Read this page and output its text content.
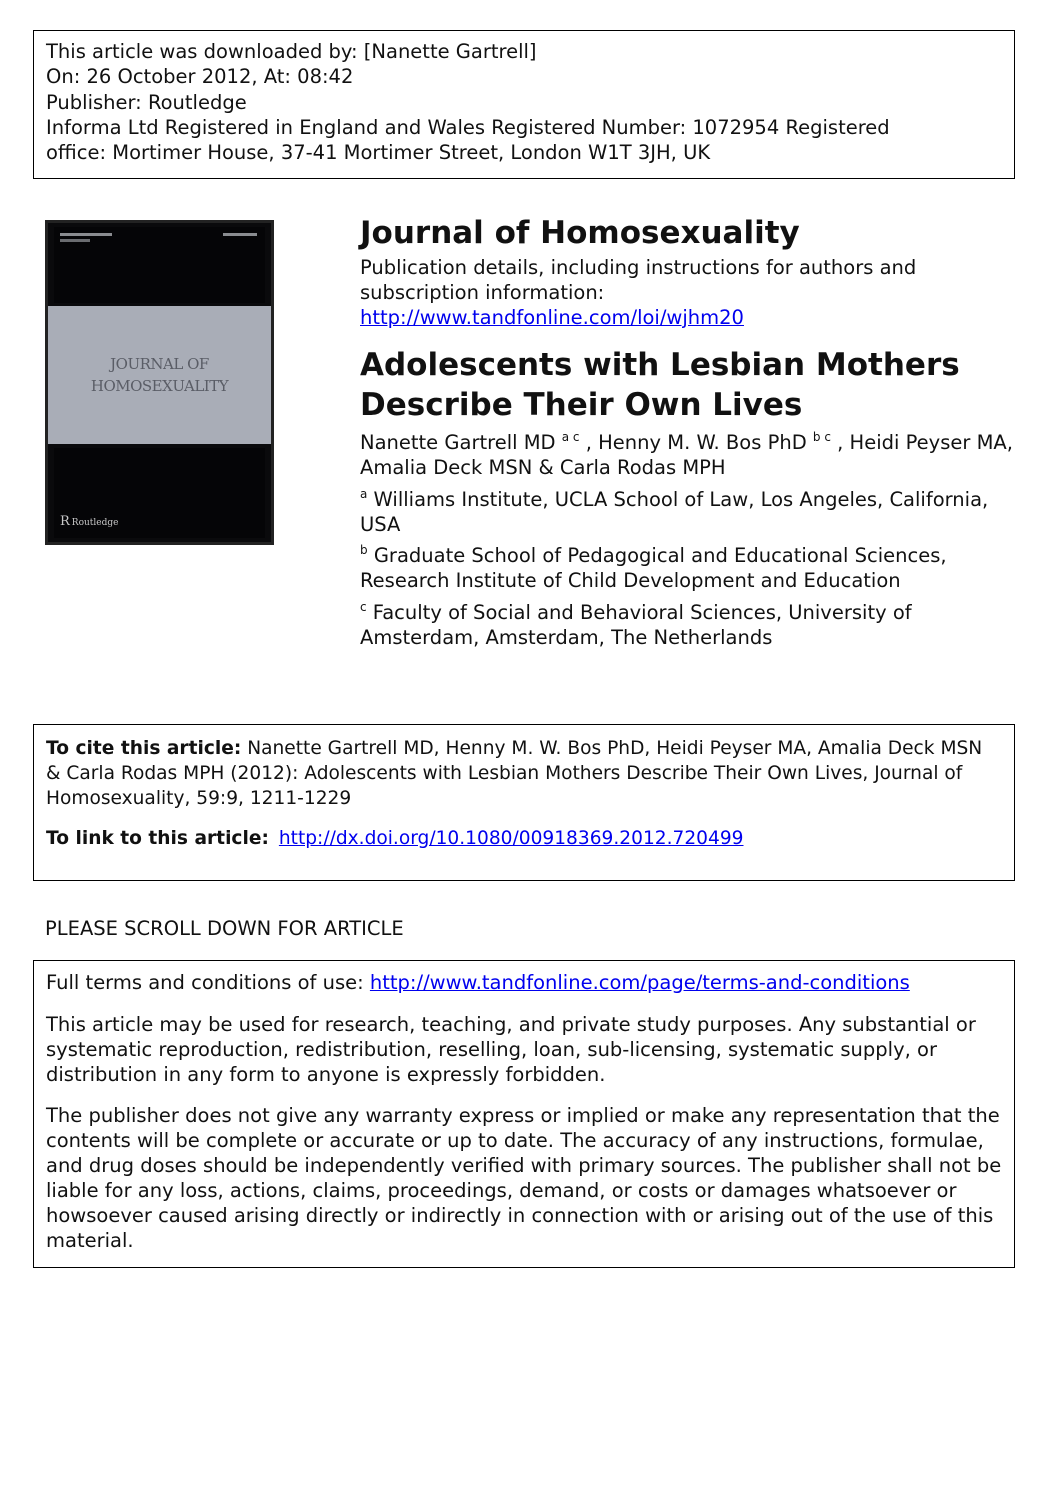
This article was downloaded by: [Nanette Gartrell]
On: 26 October 2012, At: 08:42
Publisher: Routledge
Informa Ltd Registered in England and Wales Registered Number: 1072954 Registered
office: Mortimer House, 37-41 Mortimer Street, London W1T 3JH, UK
JOURNAL OF
HOMOSEXUALITY
R Routledge
Journal of Homosexuality
Publication details, including instructions for authors and subscription information:
http://www.tandfonline.com/loi/wjhm20
Adolescents with Lesbian Mothers Describe Their Own Lives
Nanette Gartrell MD $^{a c}$ , Henny M. W. Bos PhD $^{b c}$ , Heidi Peyser MA, Amalia Deck MSN & Carla Rodas MPH
$^a$ Williams Institute, UCLA School of Law, Los Angeles, California, USA
$^b$ Graduate School of Pedagogical and Educational Sciences, Research Institute of Child Development and Education
$^c$ Faculty of Social and Behavioral Sciences, University of Amsterdam, Amsterdam, The Netherlands
To cite this article: Nanette Gartrell MD, Henny M. W. Bos PhD, Heidi Peyser MA, Amalia Deck MSN & Carla Rodas MPH (2012): Adolescents with Lesbian Mothers Describe Their Own Lives, Journal of Homosexuality, 59:9, 1211-1229
To link to this article: http://dx.doi.org/10.1080/00918369.2012.720499
PLEASE SCROLL DOWN FOR ARTICLE

Full terms and conditions of use: http://www.tandfonline.com/page/terms-and-conditions

This article may be used for research, teaching, and private study purposes. Any substantial or systematic reproduction, redistribution, reselling, loan, sub-licensing, systematic supply, or distribution in any form to anyone is expressly forbidden.

The publisher does not give any warranty express or implied or make any representation that the contents will be complete or accurate or up to date. The accuracy of any instructions, formulae, and drug doses should be independently verified with primary sources. The publisher shall not be liable for any loss, actions, claims, proceedings, demand, or costs or damages whatsoever or howsoever caused arising directly or indirectly in connection with or arising out of the use of this material.
